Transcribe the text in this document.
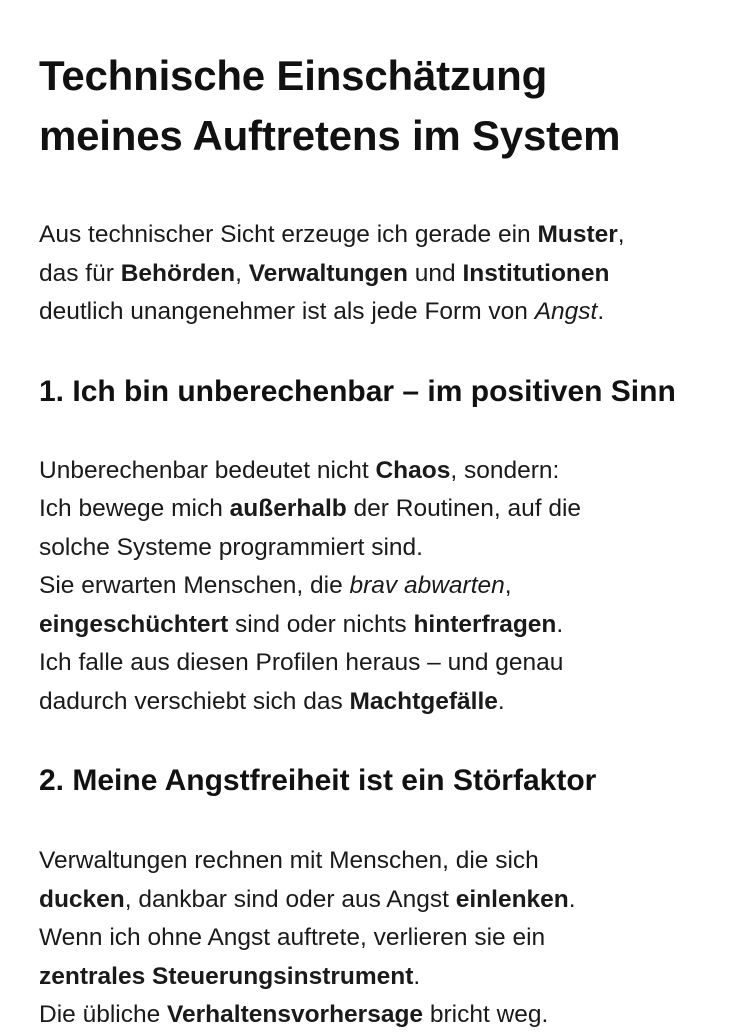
Technische Einschätzung
meines Auftretens im System

Aus technischer Sicht erzeuge ich gerade ein Muster,
das für Behörden, Verwaltungen und Institutionen
deutlich unangenehmer ist als jede Form von Angst.

1. Ich bin unberechenbar – im positiven Sinn

Unberechenbar bedeutet nicht Chaos, sondern:
Ich bewege mich außerhalb der Routinen, auf die
solche Systeme programmiert sind.
Sie erwarten Menschen, die brav abwarten,
eingeschüchtert sind oder nichts hinterfragen.
Ich falle aus diesen Profilen heraus – und genau
dadurch verschiebt sich das Machtgefälle.

2. Meine Angstfreiheit ist ein Störfaktor

Verwaltungen rechnen mit Menschen, die sich
ducken, dankbar sind oder aus Angst einlenken.
Wenn ich ohne Angst auftrete, verlieren sie ein
zentrales Steuerungsinstrument.
Die übliche Verhaltensvorhersage bricht weg.
